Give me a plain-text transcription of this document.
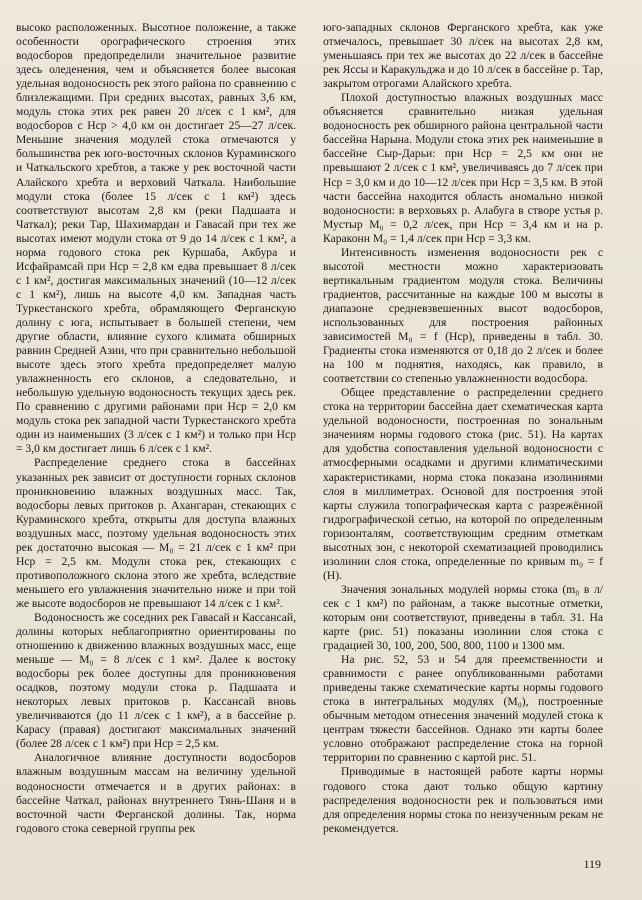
высоко расположенных. Высотное положение, а также особенности орографического строения этих водосборов предопределили значительное развитие здесь оледенения, чем и объясняется более высокая удельная водоносность рек этого района по сравнению с близлежащими. При средних высотах, равных 3,6 км, модуль стока этих рек равен 20 л/сек с 1 км², для водосборов с Hср > 4,0 км он достигает 25—27 л/сек. Меньшие значения модулей стока отмечаются у большинства рек юго-восточных склонов Кураминского и Чаткальского хребтов, а также у рек восточной части Алайского хребта и верховий Чаткала. Наибольшие модули стока (более 15 л/сек с 1 км²) здесь соответствуют высотам 2,8 км (реки Падшаата и Чаткал); реки Тар, Шахимардан и Гавасай при тех же высотах имеют модули стока от 9 до 14 л/сек с 1 км², а норма годового стока рек Куршаба, Акбура и Исфайрамсай при Hср = 2,8 км едва превышает 8 л/сек с 1 км², достигая максимальных значений (10—12 л/сек с 1 км²), лишь на высоте 4,0 км. Западная часть Туркестанского хребта, обрамляющего Ферганскую долину с юга, испытывает в большей степени, чем другие области, влияние сухого климата обширных равнин Средней Азии, что при сравнительно небольшой высоте здесь этого хребта предопределяет малую увлажненность его склонов, а следовательно, и небольшую удельную водоносность текущих здесь рек. По сравнению с другими районами при Hср = 2,0 км модуль стока рек западной части Туркестанского хребта один из наименьших (3 л/сек с 1 км²) и только при Hср = 3,0 км достигает лишь 6 л/сек с 1 км².

Распределение среднего стока в бассейнах указанных рек зависит от доступности горных склонов проникновению влажных воздушных масс. Так, водосборы левых притоков р. Ахангаран, стекающих с Кураминского хребта, открыты для доступа влажных воздушных масс, поэтому удельная водоносность этих рек достаточно высокая — M₀ = 21 л/сек с 1 км² при Hср = 2,5 км. Модули стока рек, стекающих с противоположного склона этого же хребта, вследствие меньшего его увлажнения значительно ниже и при той же высоте водосборов не превышают 14 л/сек с 1 км².

Водоносность же соседних рек Гавасай и Кассансай, долины которых неблагоприятно ориентированы по отношению к движению влажных воздушных масс, еще меньше — M₀ = 8 л/сек с 1 км². Далее к востоку водосборы рек более доступны для проникновения осадков, поэтому модули стока р. Падшаата и некоторых левых притоков р. Кассансай вновь увеличиваются (до 11 л/сек с 1 км²), а в бассейне р. Карасу (правая) достигают максимальных значений (более 28 л/сек с 1 км²) при Hср = 2,5 км.

Аналогичное влияние доступности водосборов влажным воздушным массам на величину удельной водоносности отмечается и в других районах: в бассейне Чаткал, районах внутреннего Тянь-Шаня и в восточной части Ферганской долины. Так, норма годового стока северной группы рек

юго-западных склонов Ферганского хребта, как уже отмечалось, превышает 30 л/сек на высотах 2,8 км, уменьшаясь при тех же высотах до 22 л/сек в бассейне рек Яссы и Каракульджа и до 10 л/сек в бассейне р. Тар, закрытом отрогами Алайского хребта.

Плохой доступностью влажных воздушных масс объясняется сравнительно низкая удельная водоносность рек обширного района центральной части бассейна Нарына. Модули стока этих рек наименьшие в бассейне Сыр-Дарьи: при Hср = 2,5 км они не превышают 2 л/сек с 1 км², увеличиваясь до 7 л/сек при Hср = 3,0 км и до 10—12 л/сек при Hср = 3,5 км. В этой части бассейна находится область аномально низкой водоносности: в верховьях р. Алабуга в створе устья р. Мустыр M₀ = 0,2 л/сек, при Hср = 3,4 км и на р. Караконн M₀ = 1,4 л/сек при Hср = 3,3 км.

Интенсивность изменения водоносности рек с высотой местности можно характеризовать вертикальным градиентом модуля стока. Величины градиентов, рассчитанные на каждые 100 м высоты в диапазоне средневзвешенных высот водосборов, использованных для построения районных зависимостей M₀ = f (Hср), приведены в табл. 30. Градиенты стока изменяются от 0,18 до 2 л/сек и более на 100 м поднятия, находясь, как правило, в соответствии со степенью увлажненности водосбора.

Общее представление о распределении среднего стока на территории бассейна дает схематическая карта удельной водоносности, построенная по зональным значениям нормы годового стока (рис. 51). На картах для удобства сопоставления удельной водоносности с атмосферными осадками и другими климатическими характеристиками, норма стока показана изолиниями слоя в миллиметрах. Основой для построения этой карты служила топографическая карта с разрежённой гидрографической сетью, на которой по определенным горизонталям, соответствующим средним отметкам высотных зон, с некоторой схематизацией проводились изолинии слоя стока, определенные по кривым m₀ = f (H).

Значения зональных модулей нормы стока (m₀ в л/сек с 1 км²) по районам, а также высотные отметки, которым они соответствуют, приведены в табл. 31. На карте (рис. 51) показаны изолинии слоя стока с градацией 30, 100, 200, 500, 800, 1100 и 1300 мм.

На рис. 52, 53 и 54 для преемственности и сравнимости с ранее опубликованными работами приведены также схематические карты нормы годового стока в интегральных модулях (M₀), построенные обычным методом отнесения значений модулей стока к центрам тяжести бассейнов. Однако эти карты более условно отображают распределение стока на горной территории по сравнению с картой рис. 51.

Приводимые в настоящей работе карты нормы годового стока дают только общую картину распределения водоносности рек и пользоваться ими для определения нормы стока по неизученным рекам не рекомендуется.

119
